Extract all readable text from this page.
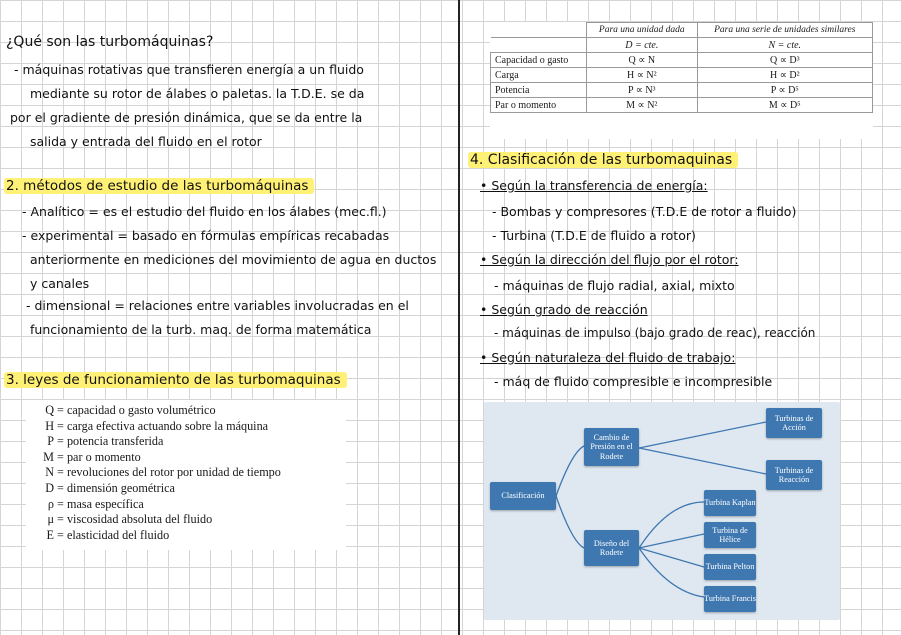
¿Qué son las turbomáquinas?
- máquinas rotativas que transfieren energía a un fluido
mediante su rotor de álabes o paletas. la T.D.E. se da
por el gradiente de presión dinámica, que se da entre la
salida y entrada del fluido en el rotor
2. métodos de estudio de las turbomáquinas
- Analítico = es el estudio del fluido en los álabes (mec.fl.)
- experimental = basado en fórmulas empíricas recabadas
anteriormente en mediciones del movimiento de agua en ductos
y canales
- dimensional = relaciones entre variables involucradas en el
funcionamiento de la turb. maq. de forma matemática
3. leyes de funcionamiento de las turbomaquinas
Q = capacidad o gasto volumétrico
H = carga efectiva actuando sobre la máquina
P = potencia transferida
M = par o momento
N = revoluciones del rotor por unidad de tiempo
D = dimensión geométrica
ρ = masa específica
μ = viscosidad absoluta del fluido
E = elasticidad del fluido
	Para una unidad dada	Para una serie de unidades similares
	D = cte.	N = cte.
Capacidad o gasto	Q ∝ N	Q ∝ D³
Carga	H ∝ N²	H ∝ D²
Potencia	P ∝ N³	P ∝ D⁵
Par o momento	M ∝ N²	M ∝ D⁵
4. Clasificación de las turbomaquinas
• Según la transferencia de energía:
- Bombas y compresores (T.D.E de rotor a fluido)
- Turbina (T.D.E de fluido a rotor)
• Según la dirección del flujo por el rotor:
- máquinas de flujo radial, axial, mixto
• Según grado de reacción
- máquinas de impulso (bajo grado de reac), reacción
• Según naturaleza del fluido de trabajo:
- máq de fluido compresible e incompresible
Clasificación
Cambio de Presión en el Rodete
Diseño del Rodete
Turbinas de Acción
Turbinas de Reacción
Turbina Kaplan
Turbina de Hélice
Turbina Pelton
Turbina Francis
